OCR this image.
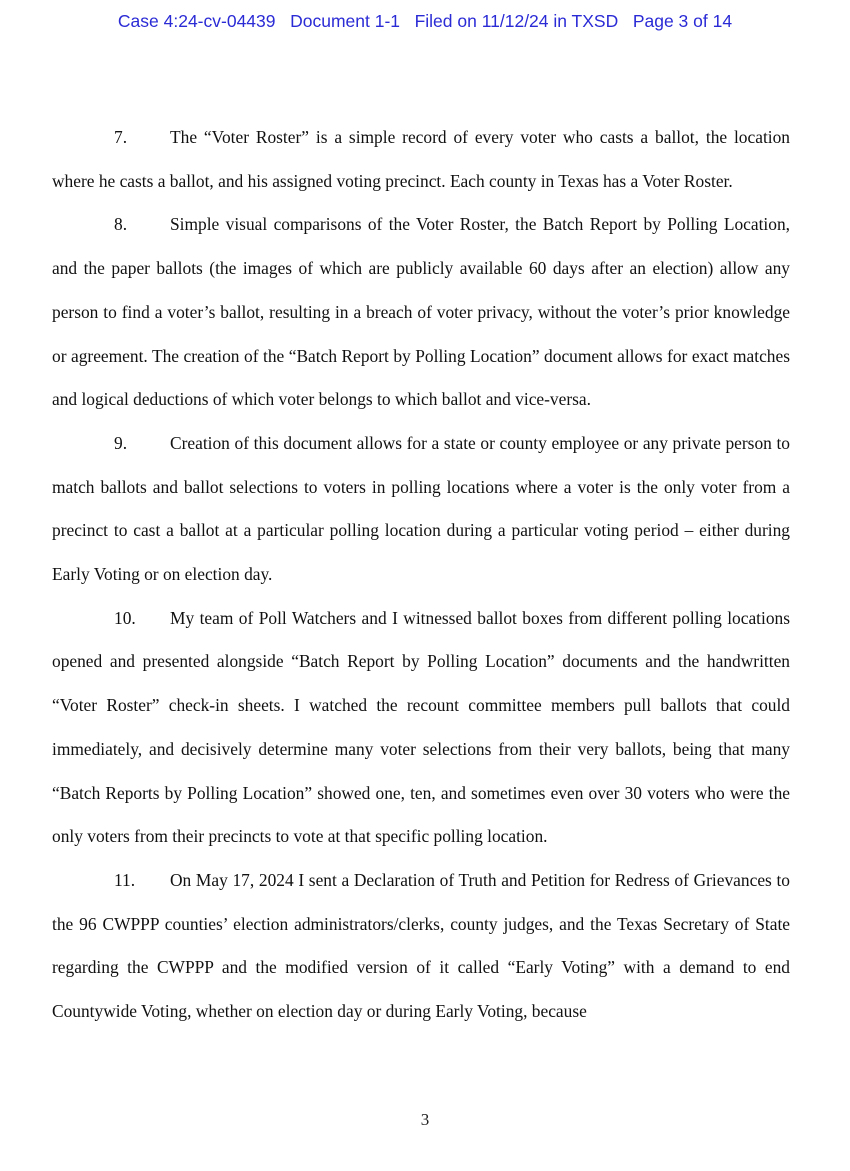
Case 4:24-cv-04439   Document 1-1   Filed on 11/12/24 in TXSD   Page 3 of 14

7. The “Voter Roster” is a simple record of every voter who casts a ballot, the location where he casts a ballot, and his assigned voting precinct. Each county in Texas has a Voter Roster.

8. Simple visual comparisons of the Voter Roster, the Batch Report by Polling Location, and the paper ballots (the images of which are publicly available 60 days after an election) allow any person to find a voter’s ballot, resulting in a breach of voter privacy, without the voter’s prior knowledge or agreement. The creation of the “Batch Report by Polling Location” document allows for exact matches and logical deductions of which voter belongs to which ballot and vice-versa.

9. Creation of this document allows for a state or county employee or any private person to match ballots and ballot selections to voters in polling locations where a voter is the only voter from a precinct to cast a ballot at a particular polling location during a particular voting period – either during Early Voting or on election day.

10. My team of Poll Watchers and I witnessed ballot boxes from different polling locations opened and presented alongside “Batch Report by Polling Location” documents and the handwritten “Voter Roster” check-in sheets. I watched the recount committee members pull ballots that could immediately, and decisively determine many voter selections from their very ballots, being that many “Batch Reports by Polling Location” showed one, ten, and sometimes even over 30 voters who were the only voters from their precincts to vote at that specific polling location.

11. On May 17, 2024 I sent a Declaration of Truth and Petition for Redress of Grievances to the 96 CWPPP counties’ election administrators/clerks, county judges, and the Texas Secretary of State regarding the CWPPP and the modified version of it called “Early Voting” with a demand to end Countywide Voting, whether on election day or during Early Voting, because

3
